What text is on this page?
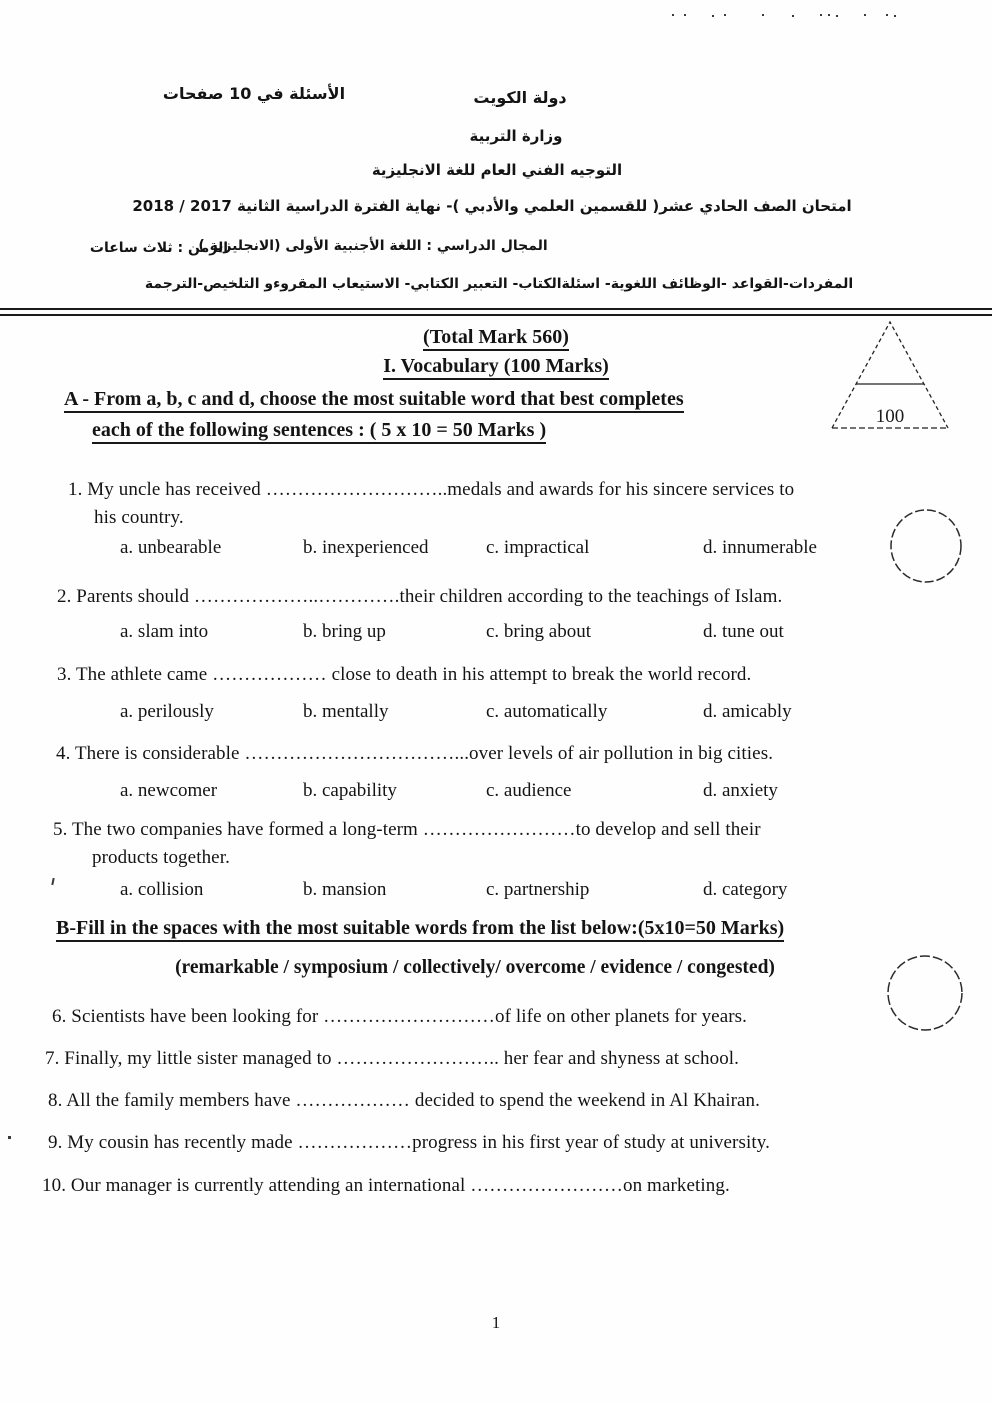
الأسئلة في 10 صفحات	دولة الكويت
وزارة التربية
التوجيه الفني العام للغة الانجليزية
امتحان الصف الحادي عشر( للقسمين العلمي والأدبي )- نهاية الفترة الدراسية الثانية 2017 / 2018
المجال الدراسي : اللغة الأجنبية الأولى (الانجليزية )
الزمن : ثلاث ساعات
المفردات-القواعد -الوظائف اللغوية- اسئلةالكتاب- التعبير الكتابي- الاستيعاب المقروءو التلخيص-الترجمة
(Total Mark 560)
I. Vocabulary (100 Marks)
100
A - From a, b, c and d, choose the most suitable word that best completes
each of the following sentences : ( 5 x 10 = 50 Marks )
1. My uncle has received ………………………..medals and awards for his sincere services to
his country.
a. unbearable	b. inexperienced	c. impractical	d. innumerable
2. Parents should ………………..………….their children according to the teachings of Islam.
a. slam into	b. bring up	c. bring about	d. tune out
3. The athlete came ……………… close to death in his attempt to break the world record.
a. perilously	b. mentally	c. automatically	d. amicably
4. There is considerable ……………………………...over levels of air pollution in big cities.
a. newcomer	b. capability	c. audience	d. anxiety
5. The two companies have formed a long-term ……………………to develop and sell their
products together.
a. collision	b. mansion	c. partnership	d. category
B-Fill in the spaces with the most suitable words from the list below:(5x10=50 Marks)
(remarkable / symposium / collectively/ overcome / evidence / congested)
6. Scientists have been looking for ………………………of life on other planets for years.
7. Finally, my little sister managed to …………………….. her fear and shyness at school.
8. All the family members have ……………… decided to spend the weekend in Al Khairan.
9. My cousin has recently made ………………progress in his first year of study at university.
10. Our manager is currently attending an international ……………………on marketing.
1
